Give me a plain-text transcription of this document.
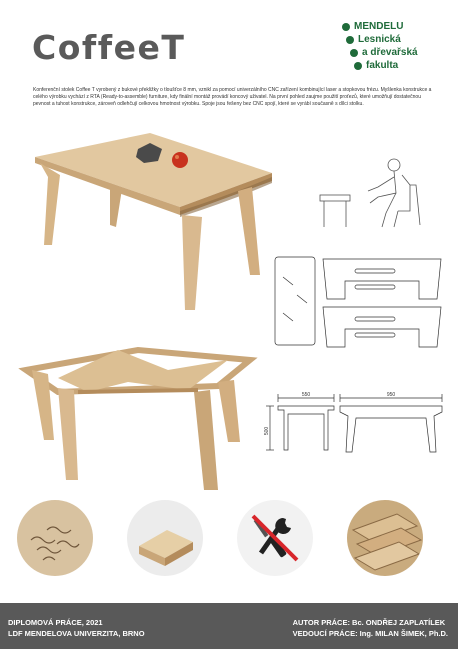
CoffeeT
MENDELU
Lesnická
a dřevařská
fakulta
Konferenční stolek Coffee T vyrobený z bukové překližky o tloušťce 8 mm, vznikl za pomocí univerzálního CNC zařízení kombinující laser a stopkovou frézu. Myšlenka konstrukce a celého výrobku vychází z RTA (Ready-to-assemble) furniture, kdy finální montáž provádí koncový uživatel. Na první pohled zaujme použití proťezů, které umožňují dostatečnou pevnost a tuhost konstrukce, zároveň odlehčují celkovou hmotnost výrobku. Spoje jsou řešeny bez CNC spojí, které se vyrábí současně s dílci stolku.
550	950
500
DIPLOMOVÁ PRÁCE, 2021
LDF MENDELOVA UNIVERZITA, BRNO
AUTOR PRÁCE: Bc. ONDŘEJ ZAPLATÍLEK
VEDOUCÍ PRÁCE: Ing. MILAN ŠIMEK, Ph.D.
